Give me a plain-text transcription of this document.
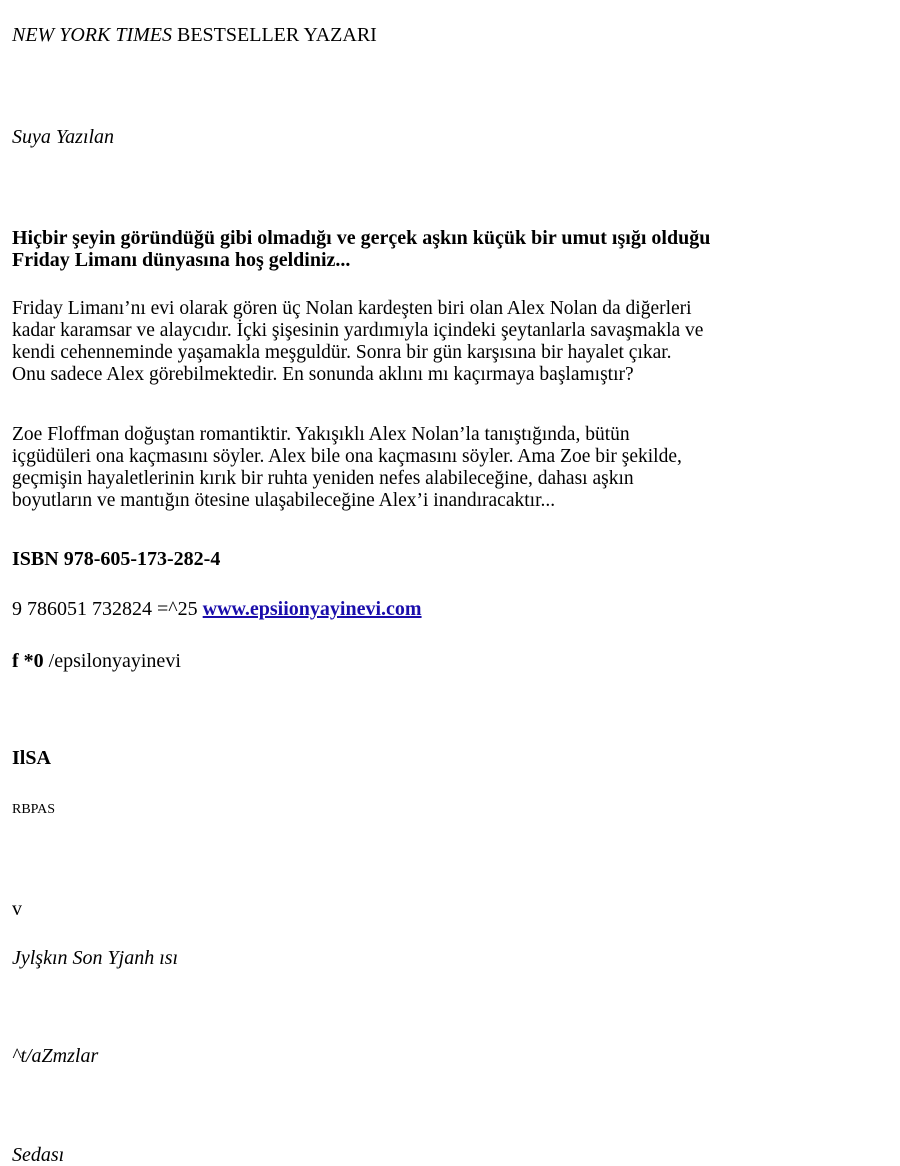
NEW YORK TIMES BESTSELLER YAZARI
Suya Yazılan
Hiçbir şeyin göründüğü gibi olmadığı ve gerçek aşkın küçük bir umut ışığı olduğu
Friday Limanı dünyasına hoş geldiniz...
Friday Limanı’nı evi olarak gören üç Nolan kardeşten biri olan Alex Nolan da diğerleri
kadar karamsar ve alaycıdır. İçki şişesinin yardımıyla içindeki şeytanlarla savaşmakla ve
kendi cehenneminde yaşamakla meşguldür. Sonra bir gün karşısına bir hayalet çıkar.
Onu sadece Alex görebilmektedir. En sonunda aklını mı kaçırmaya başlamıştır?
Zoe Floffman doğuştan romantiktir. Yakışıklı Alex Nolan’la tanıştığında, bütün
içgüdüleri ona kaçmasını söyler. Alex bile ona kaçmasını söyler. Ama Zoe bir şekilde,
geçmişin hayaletlerinin kırık bir ruhta yeniden nefes alabileceğine, dahası aşkın
boyutların ve mantığın ötesine ulaşabileceğine Alex’i inandıracaktır...
ISBN 978-605-173-282-4
9 786051 732824 =^25 www.epsiionyayinevi.com
f *0 /epsilonyayinevi
IlSA
RBPAS
v
Jylşkın Son Yjanh ısı
^t/aZmzlar
Sedası
